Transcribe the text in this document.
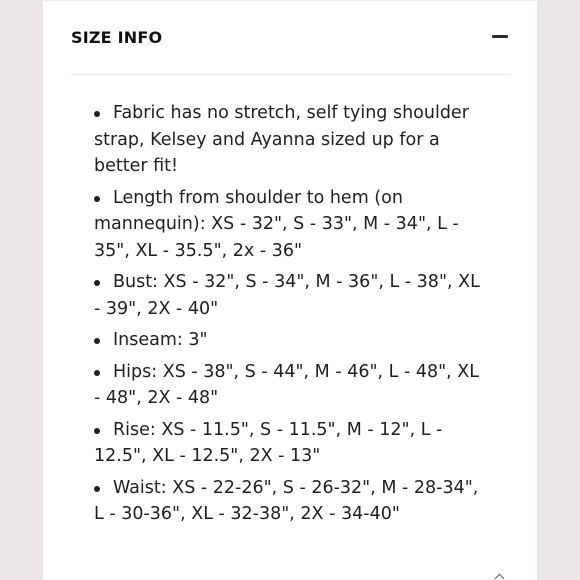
SIZE INFO
Fabric has no stretch, self tying shoulder strap, Kelsey and Ayanna sized up for a better fit!
Length from shoulder to hem (on mannequin): XS - 32", S - 33", M - 34", L - 35", XL - 35.5", 2x - 36"
Bust: XS - 32", S - 34", M - 36", L - 38", XL - 39", 2X - 40"
Inseam: 3"
Hips: XS - 38", S - 44", M - 46", L - 48", XL - 48", 2X - 48"
Rise: XS - 11.5", S - 11.5", M - 12", L - 12.5", XL - 12.5", 2X - 13"
Waist: XS - 22-26", S - 26-32", M - 28-34", L - 30-36", XL - 32-38", 2X - 34-40"
